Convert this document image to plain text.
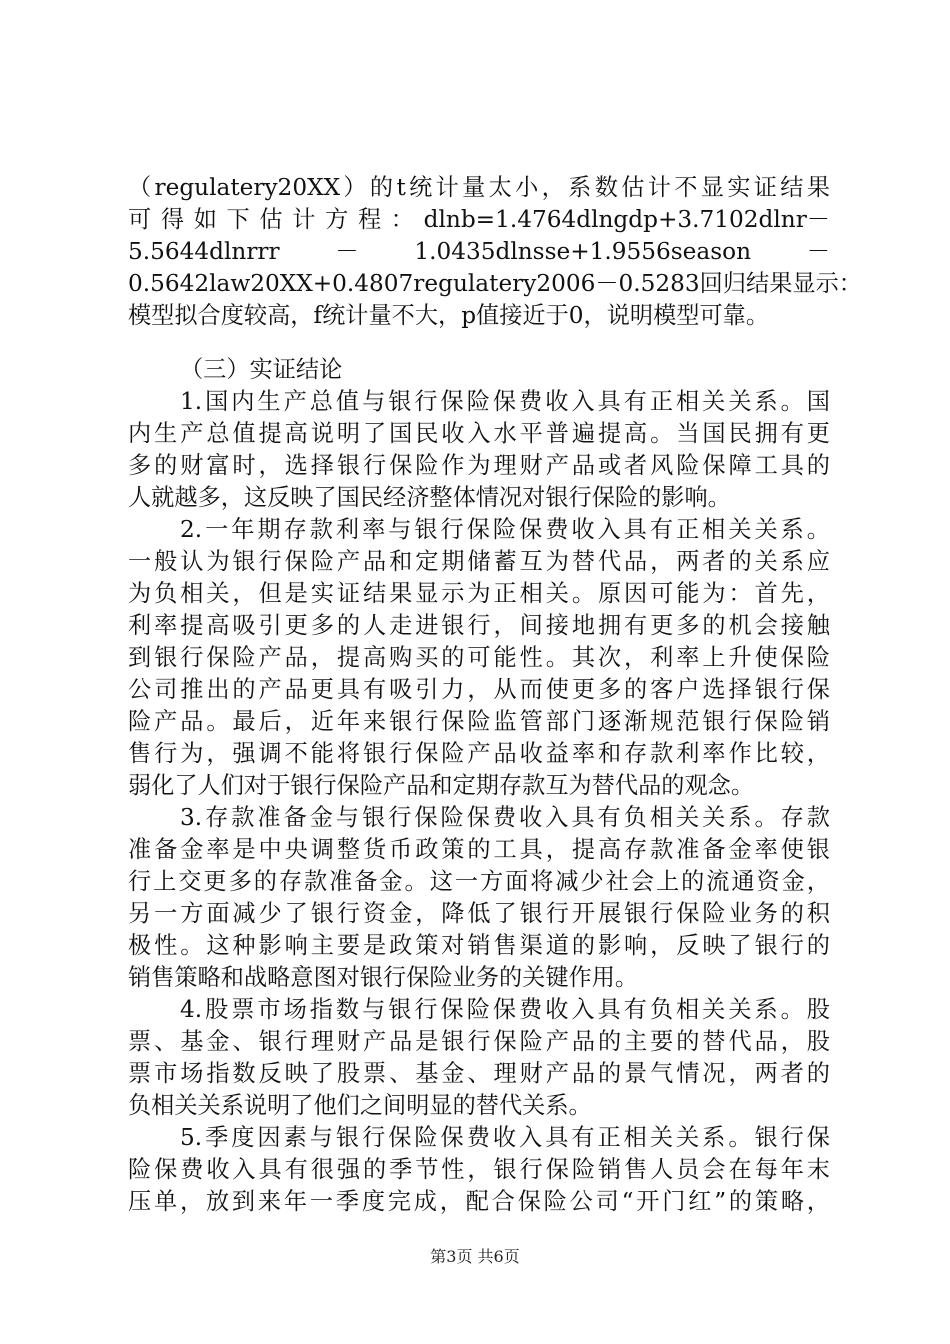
（regulatery20XX）的t统计量太小，系数估计不显实证结果
可得如下估计方程：dlnb=1.4764dlngdp+3.7102dlnr－
5.5644dlnrrr　　－　　1.0435dlnsse+1.9556season　　－
0.5642law20XX+0.4807regulatery2006－0.5283回归结果显示：
模型拟合度较高，f统计量不大，p值接近于0，说明模型可靠。
（三）实证结论
1.国内生产总值与银行保险保费收入具有正相关关系。国
内生产总值提高说明了国民收入水平普遍提高。当国民拥有更
多的财富时，选择银行保险作为理财产品或者风险保障工具的
人就越多，这反映了国民经济整体情况对银行保险的影响。
2.一年期存款利率与银行保险保费收入具有正相关关系。
一般认为银行保险产品和定期储蓄互为替代品，两者的关系应
为负相关，但是实证结果显示为正相关。原因可能为：首先，
利率提高吸引更多的人走进银行，间接地拥有更多的机会接触
到银行保险产品，提高购买的可能性。其次，利率上升使保险
公司推出的产品更具有吸引力，从而使更多的客户选择银行保
险产品。最后，近年来银行保险监管部门逐渐规范银行保险销
售行为，强调不能将银行保险产品收益率和存款利率作比较，
弱化了人们对于银行保险产品和定期存款互为替代品的观念。
3.存款准备金与银行保险保费收入具有负相关关系。存款
准备金率是中央调整货币政策的工具，提高存款准备金率使银
行上交更多的存款准备金。这一方面将减少社会上的流通资金，
另一方面减少了银行资金，降低了银行开展银行保险业务的积
极性。这种影响主要是政策对销售渠道的影响，反映了银行的
销售策略和战略意图对银行保险业务的关键作用。
4.股票市场指数与银行保险保费收入具有负相关关系。股
票、基金、银行理财产品是银行保险产品的主要的替代品，股
票市场指数反映了股票、基金、理财产品的景气情况，两者的
负相关关系说明了他们之间明显的替代关系。
5.季度因素与银行保险保费收入具有正相关关系。银行保
险保费收入具有很强的季节性，银行保险销售人员会在每年末
压单，放到来年一季度完成，配合保险公司“开门红”的策略，
第3页 共6页
